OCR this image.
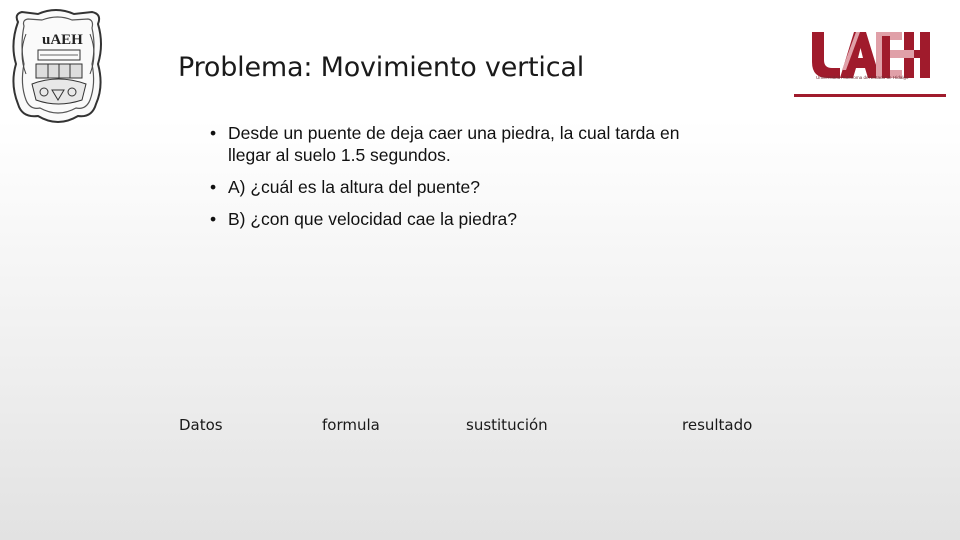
uAEH
Universidad Autónoma del Estado de Hidalgo
Problema: Movimiento vertical
• Desde un puente de deja caer una piedra, la cual tarda en
llegar al suelo 1.5 segundos.
• A) ¿cuál es la altura del puente?
• B) ¿con que velocidad cae la piedra?
Datos	formula	sustitución	resultado
